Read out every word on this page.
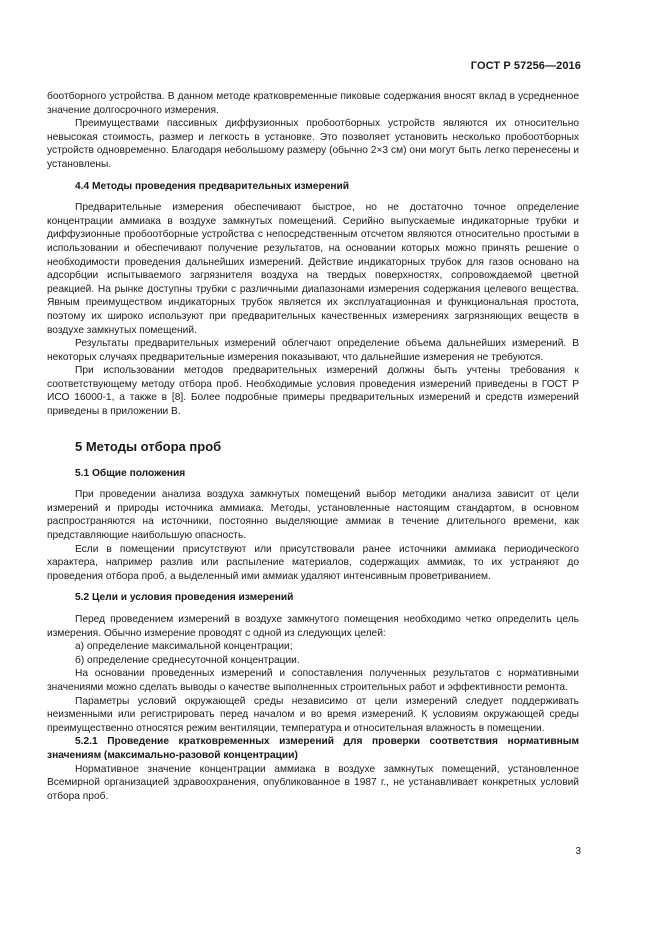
ГОСТ Р 57256—2016

боотборного устройства. В данном методе кратковременные пиковые содержания вносят вклад в усредненное значение долгосрочного измерения.

Преимуществами пассивных диффузионных пробоотборных устройств являются их относительно невысокая стоимость, размер и легкость в установке. Это позволяет установить несколько пробоотборных устройств одновременно. Благодаря небольшому размеру (обычно 2×3 см) они могут быть легко перенесены и установлены.

4.4 Методы проведения предварительных измерений

Предварительные измерения обеспечивают быстрое, но не достаточно точное определение концентрации аммиака в воздухе замкнутых помещений. Серийно выпускаемые индикаторные трубки и диффузионные пробоотборные устройства с непосредственным отсчетом являются относительно простыми в использовании и обеспечивают получение результатов, на основании которых можно принять решение о необходимости проведения дальнейших измерений. Действие индикаторных трубок для газов основано на адсорбции испытываемого загрязнителя воздуха на твердых поверхностях, сопровождаемой цветной реакцией. На рынке доступны трубки с различными диапазонами измерения содержания целевого вещества. Явным преимуществом индикаторных трубок является их эксплуатационная и функциональная простота, поэтому их широко используют при предварительных качественных измерениях загрязняющих веществ в воздухе замкнутых помещений.

Результаты предварительных измерений облегчают определение объема дальнейших измерений. В некоторых случаях предварительные измерения показывают, что дальнейшие измерения не требуются.

При использовании методов предварительных измерений должны быть учтены требования к соответствующему методу отбора проб. Необходимые условия проведения измерений приведены в ГОСТ Р ИСО 16000-1, а также в [8]. Более подробные примеры предварительных измерений и средств измерений приведены в приложении В.

5 Методы отбора проб

5.1 Общие положения

При проведении анализа воздуха замкнутых помещений выбор методики анализа зависит от цели измерений и природы источника аммиака. Методы, установленные настоящим стандартом, в основном распространяются на источники, постоянно выделяющие аммиак в течение длительного времени, как представляющие наибольшую опасность.

Если в помещении присутствуют или присутствовали ранее источники аммиака периодического характера, например разлив или распыление материалов, содержащих аммиак, то их устраняют до проведения отбора проб, а выделенный ими аммиак удаляют интенсивным проветриванием.

5.2 Цели и условия проведения измерений

Перед проведением измерений в воздухе замкнутого помещения необходимо четко определить цель измерения. Обычно измерение проводят с одной из следующих целей:

а) определение максимальной концентрации;

б) определение среднесуточной концентрации.

На основании проведенных измерений и сопоставления полученных результатов с нормативными значениями можно сделать выводы о качестве выполненных строительных работ и эффективности ремонта.

Параметры условий окружающей среды независимо от цели измерений следует поддерживать неизменными или регистрировать перед началом и во время измерений. К условиям окружающей среды преимущественно относятся режим вентиляции, температура и относительная влажность в помещении.

5.2.1 Проведение кратковременных измерений для проверки соответствия нормативным значениям (максимально-разовой концентрации)

Нормативное значение концентрации аммиака в воздухе замкнутых помещений, установленное Всемирной организацией здравоохранения, опубликованное в 1987 г., не устанавливает конкретных условий отбора проб.

3
